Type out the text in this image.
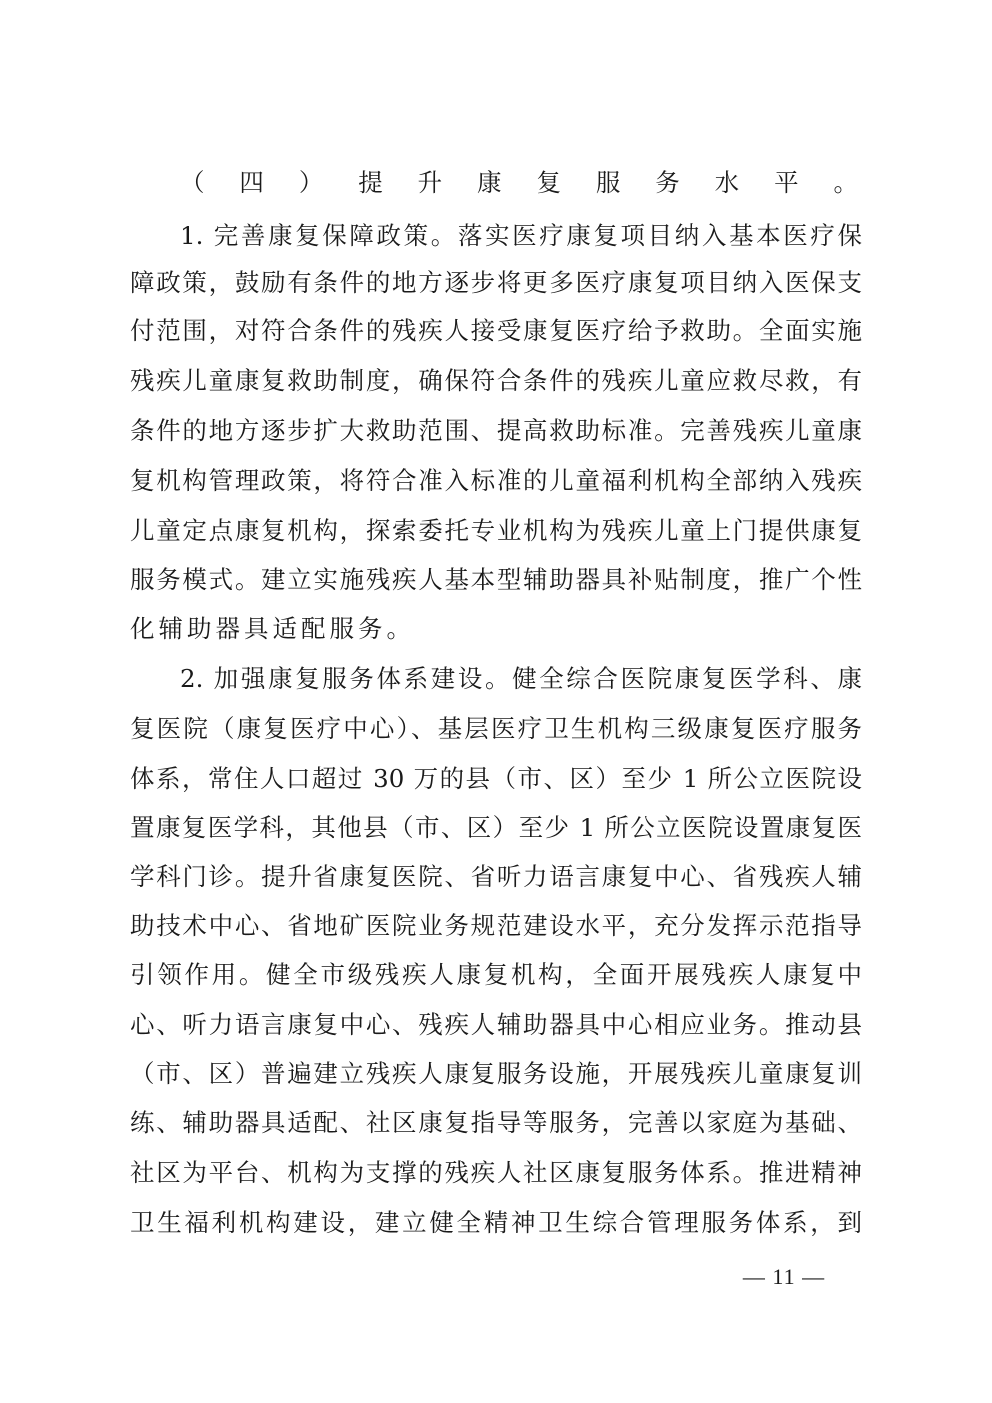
（四）提升康复服务水平。
1. 完善康复保障政策。落实医疗康复项目纳入基本医疗保
障政策，鼓励有条件的地方逐步将更多医疗康复项目纳入医保支
付范围，对符合条件的残疾人接受康复医疗给予救助。全面实施
残疾儿童康复救助制度，确保符合条件的残疾儿童应救尽救，有
条件的地方逐步扩大救助范围、提高救助标准。完善残疾儿童康
复机构管理政策，将符合准入标准的儿童福利机构全部纳入残疾
儿童定点康复机构，探索委托专业机构为残疾儿童上门提供康复
服务模式。建立实施残疾人基本型辅助器具补贴制度，推广个性
化辅助器具适配服务。
2. 加强康复服务体系建设。健全综合医院康复医学科、康
复医院（康复医疗中心）、基层医疗卫生机构三级康复医疗服务
体系，常住人口超过 30 万的县（市、区）至少 1 所公立医院设
置康复医学科，其他县（市、区）至少 1 所公立医院设置康复医
学科门诊。提升省康复医院、省听力语言康复中心、省残疾人辅
助技术中心、省地矿医院业务规范建设水平，充分发挥示范指导
引领作用。健全市级残疾人康复机构，全面开展残疾人康复中
心、听力语言康复中心、残疾人辅助器具中心相应业务。推动县
（市、区）普遍建立残疾人康复服务设施，开展残疾儿童康复训
练、辅助器具适配、社区康复指导等服务，完善以家庭为基础、
社区为平台、机构为支撑的残疾人社区康复服务体系。推进精神
卫生福利机构建设，建立健全精神卫生综合管理服务体系，到
— 11 —
